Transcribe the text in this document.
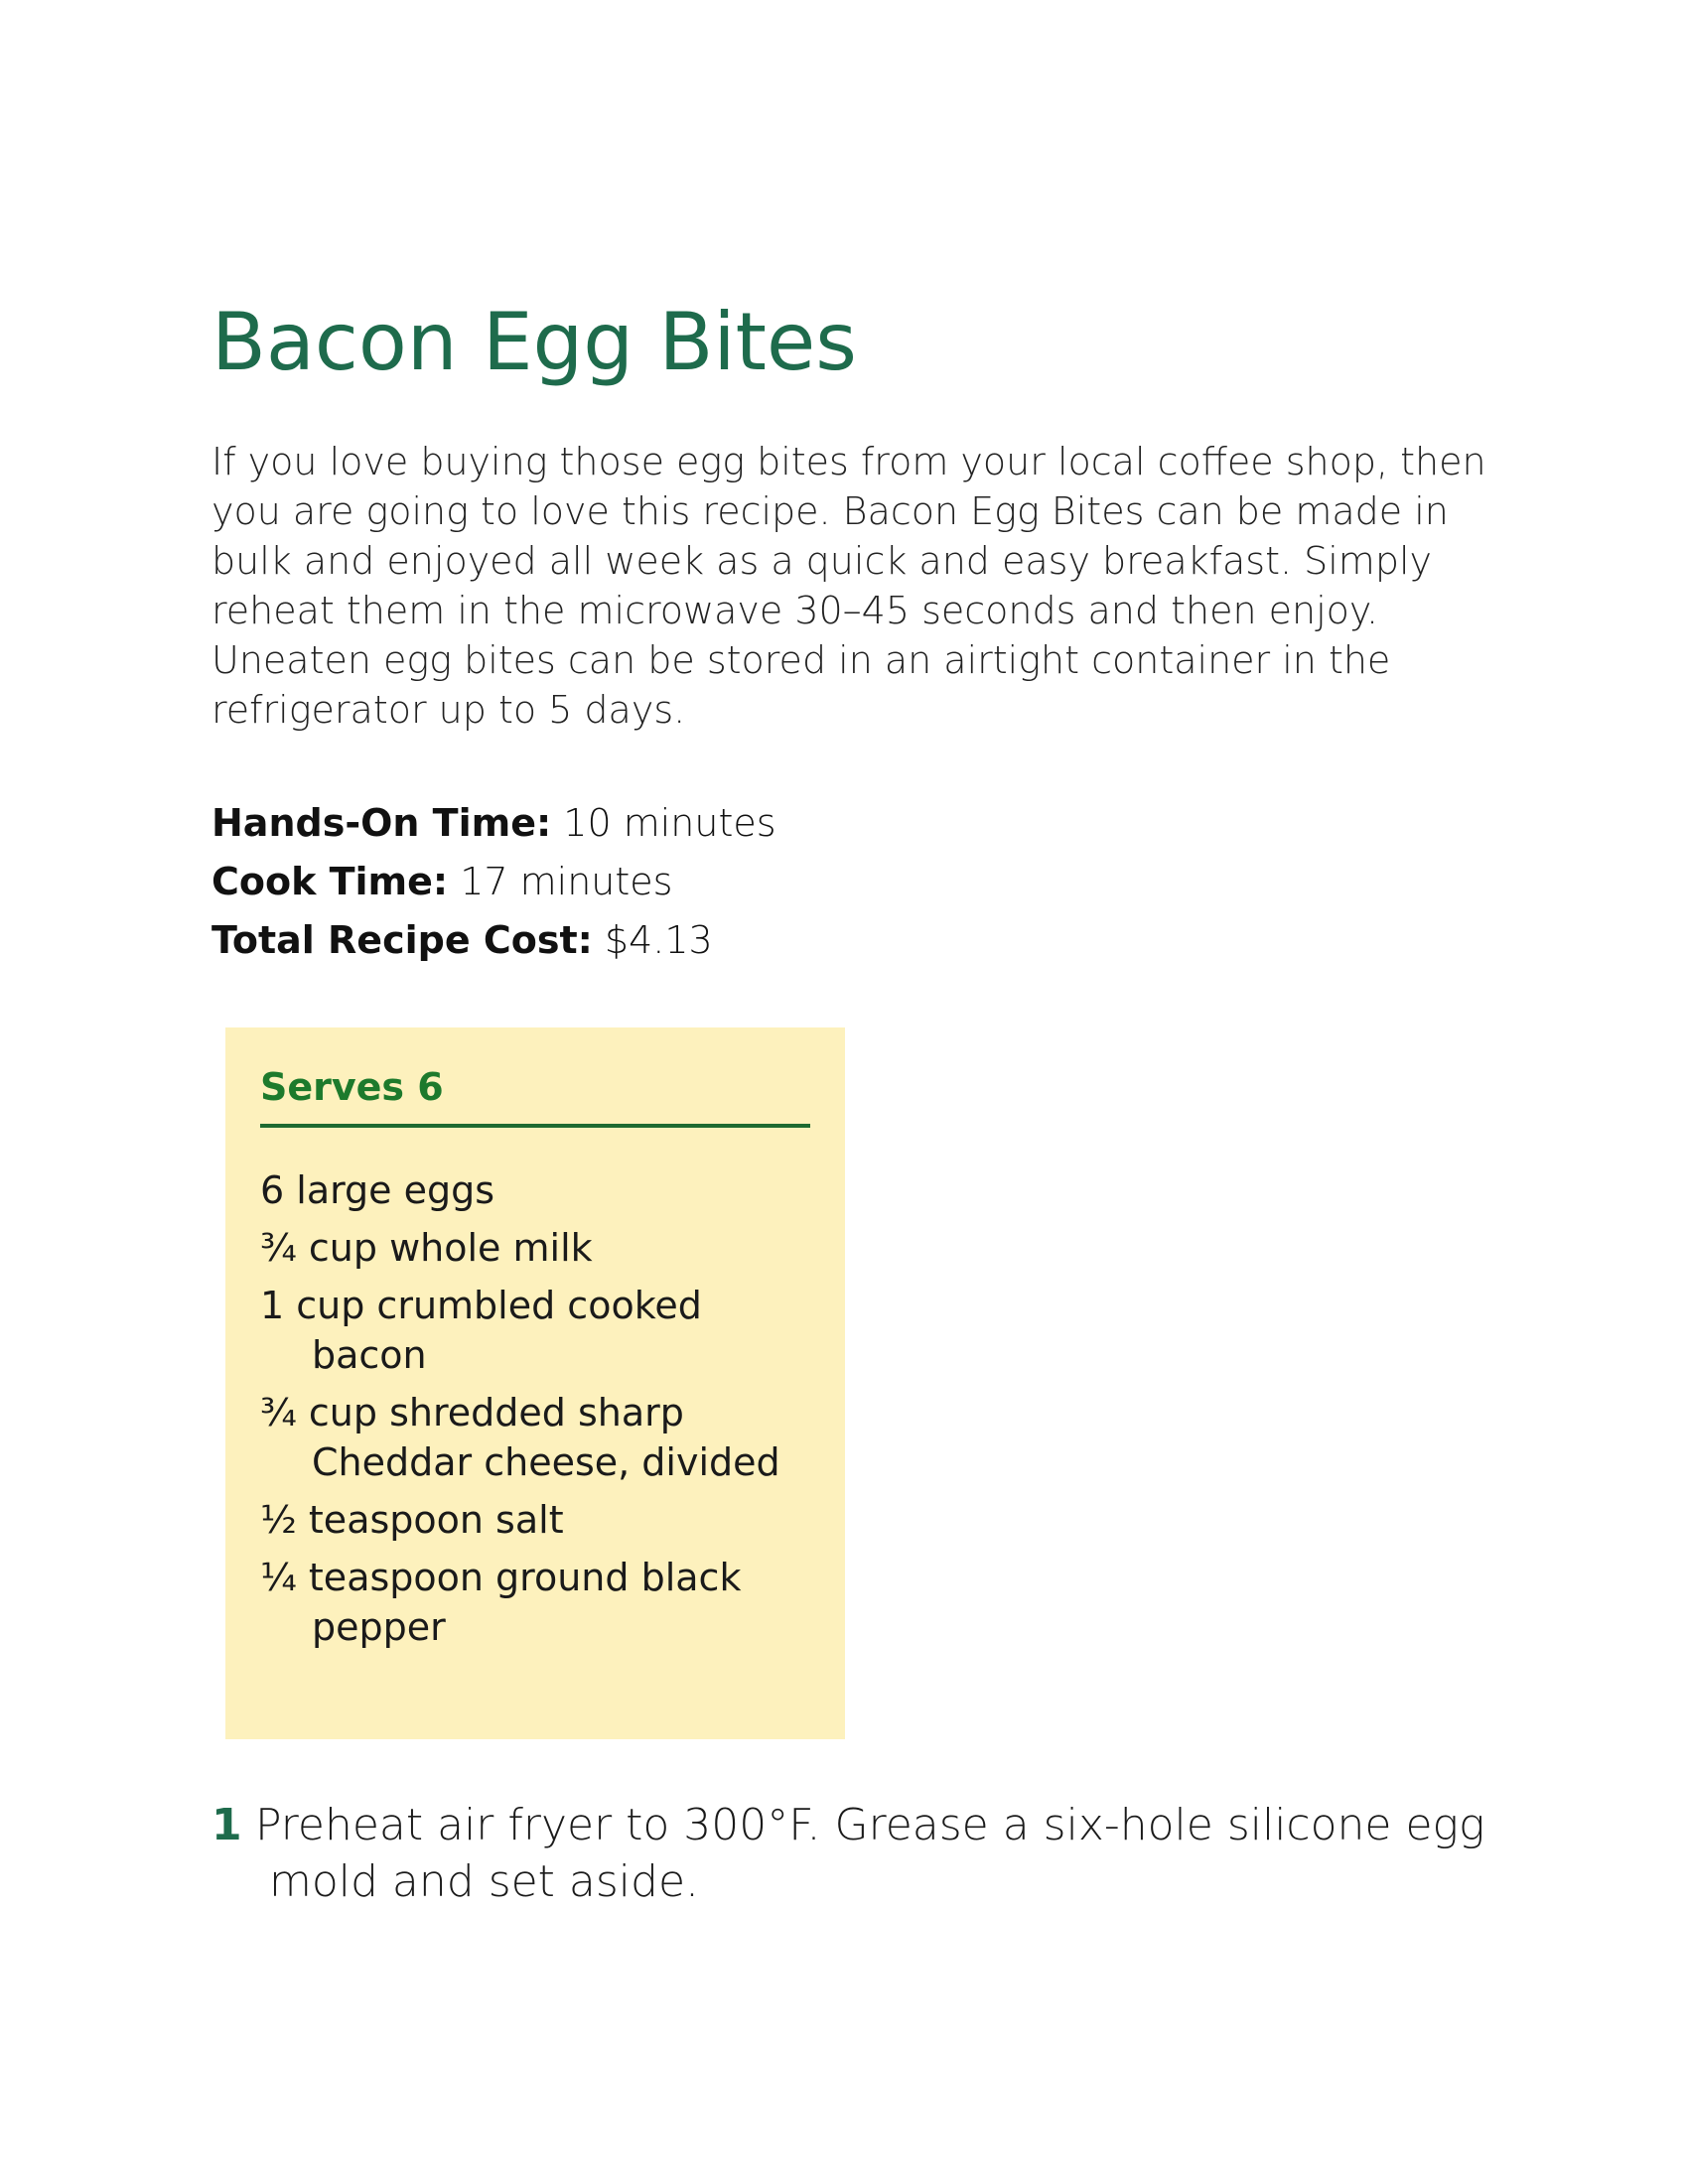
Bacon Egg Bites

If you love buying those egg bites from your local coffee shop, then you are going to love this recipe. Bacon Egg Bites can be made in bulk and enjoyed all week as a quick and easy breakfast. Simply reheat them in the microwave 30–45 seconds and then enjoy. Uneaten egg bites can be stored in an airtight container in the refrigerator up to 5 days.

Hands-On Time: 10 minutes
Cook Time: 17 minutes
Total Recipe Cost: $4.13
Serves 6
6 large eggs
¾ cup whole milk
1 cup crumbled cooked bacon
¾ cup shredded sharp Cheddar cheese, divided
½ teaspoon salt
¼ teaspoon ground black pepper

1 Preheat air fryer to 300°F. Grease a six-hole silicone egg mold and set aside.
